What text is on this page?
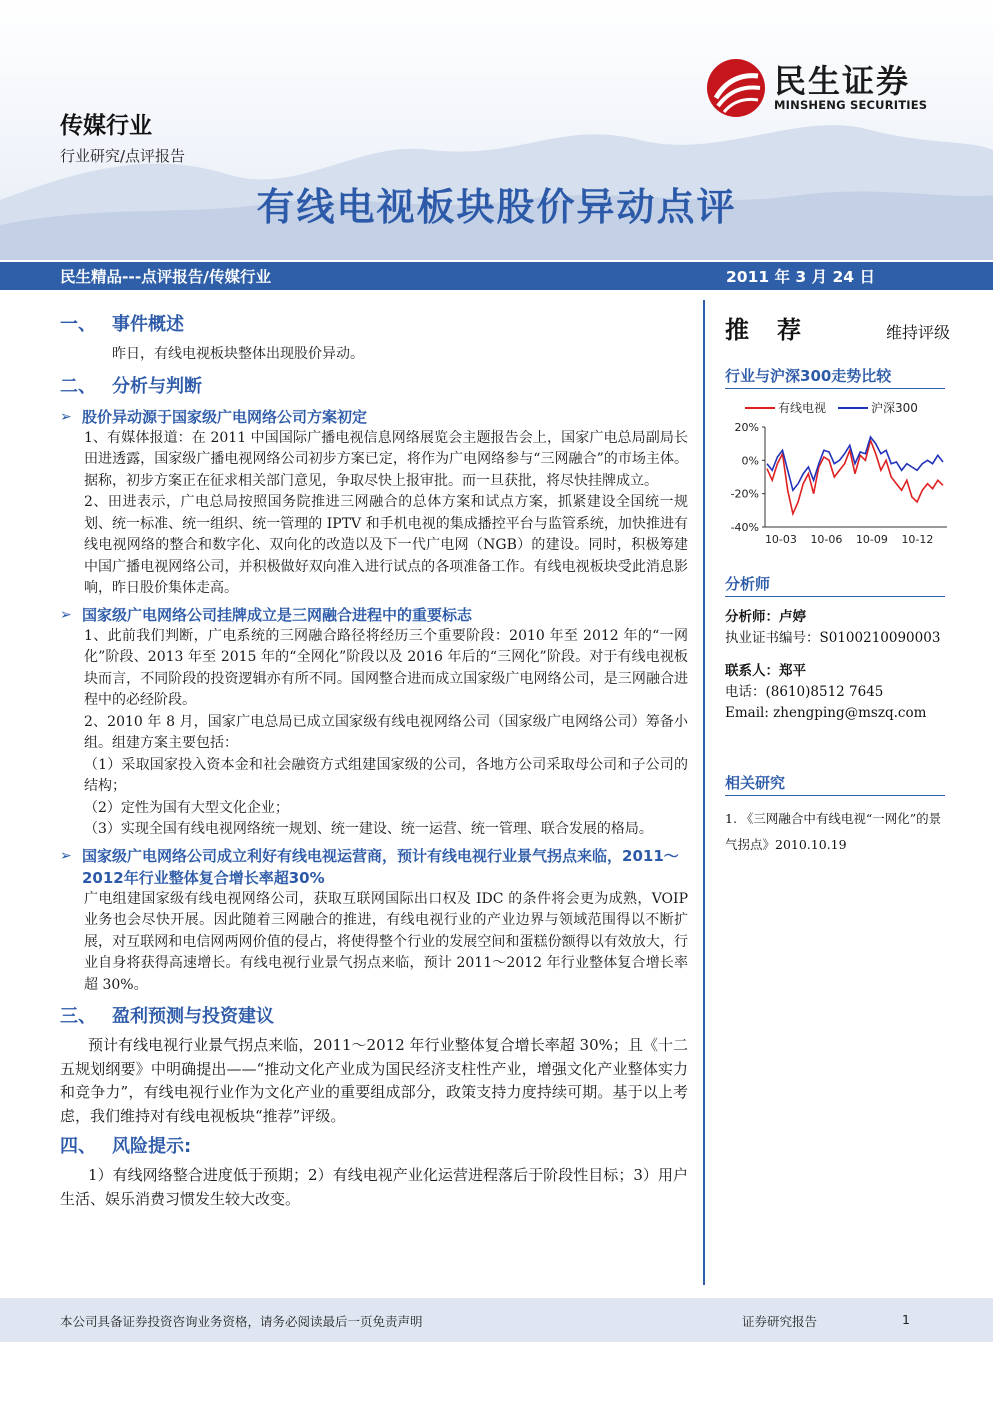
民生证券
MINSHENG SECURITIES
传媒行业
行业研究/点评报告
有线电视板块股价异动点评
民生精品---点评报告/传媒行业	2011 年 3 月 24 日
一、 事件概述
昨日，有线电视板块整体出现股价异动。
二、 分析与判断
➢ 股价异动源于国家级广电网络公司方案初定
1、有媒体报道：在 2011 中国国际广播电视信息网络展览会主题报告会上，国家广电总局副局长田进透露，国家级广播电视网络公司初步方案已定，将作为广电网络参与“三网融合”的市场主体。据称，初步方案正在征求相关部门意见，争取尽快上报审批。而一旦获批，将尽快挂牌成立。
2、田进表示，广电总局按照国务院推进三网融合的总体方案和试点方案，抓紧建设全国统一规划、统一标准、统一组织、统一管理的 IPTV 和手机电视的集成播控平台与监管系统，加快推进有线电视网络的整合和数字化、双向化的改造以及下一代广电网（NGB）的建设。同时，积极筹建中国广播电视网络公司，并积极做好双向准入进行试点的各项准备工作。有线电视板块受此消息影响，昨日股价集体走高。
➢ 国家级广电网络公司挂牌成立是三网融合进程中的重要标志
1、此前我们判断，广电系统的三网融合路径将经历三个重要阶段：2010 年至 2012 年的“一网化”阶段、2013 年至 2015 年的“全网化”阶段以及 2016 年后的“三网化”阶段。对于有线电视板块而言，不同阶段的投资逻辑亦有所不同。国网整合进而成立国家级广电网络公司，是三网融合进程中的必经阶段。
2、2010 年 8 月，国家广电总局已成立国家级有线电视网络公司（国家级广电网络公司）筹备小组。组建方案主要包括：
（1）采取国家投入资本金和社会融资方式组建国家级的公司，各地方公司采取母公司和子公司的结构；
（2）定性为国有大型文化企业；
（3）实现全国有线电视网络统一规划、统一建设、统一运营、统一管理、联合发展的格局。
➢ 国家级广电网络公司成立利好有线电视运营商，预计有线电视行业景气拐点来临，2011～2012年行业整体复合增长率超30%
广电组建国家级有线电视网络公司，获取互联网国际出口权及 IDC 的条件将会更为成熟，VOIP 业务也会尽快开展。因此随着三网融合的推进，有线电视行业的产业边界与领域范围得以不断扩展，对互联网和电信网两网价值的侵占，将使得整个行业的发展空间和蛋糕份额得以有效放大，行业自身将获得高速增长。有线电视行业景气拐点来临，预计 2011～2012 年行业整体复合增长率超 30%。
三、 盈利预测与投资建议
预计有线电视行业景气拐点来临，2011～2012 年行业整体复合增长率超 30%；且《十二五规划纲要》中明确提出——“推动文化产业成为国民经济支柱性产业，增强文化产业整体实力和竞争力”，有线电视行业作为文化产业的重要组成部分，政策支持力度持续可期。基于以上考虑，我们维持对有线电视板块“推荐”评级。
四、 风险提示:
1）有线网络整合进度低于预期；2）有线电视产业化运营进程落后于阶段性目标；3）用户生活、娱乐消费习惯发生较大改变。
推荐	维持评级
行业与沪深300走势比较
有线电视	沪深300
20%
0%
-20%
-40%
10-03 10-06 10-09 10-12
分析师
分析师：卢婷
执业证书编号：S0100210090003
联系人：郑平
电话：(8610)8512 7645
Email: zhengping@mszq.com
相关研究
1. 《三网融合中有线电视“一网化”的景气拐点》2010.10.19
本公司具备证券投资咨询业务资格，请务必阅读最后一页免责声明	证券研究报告	1
